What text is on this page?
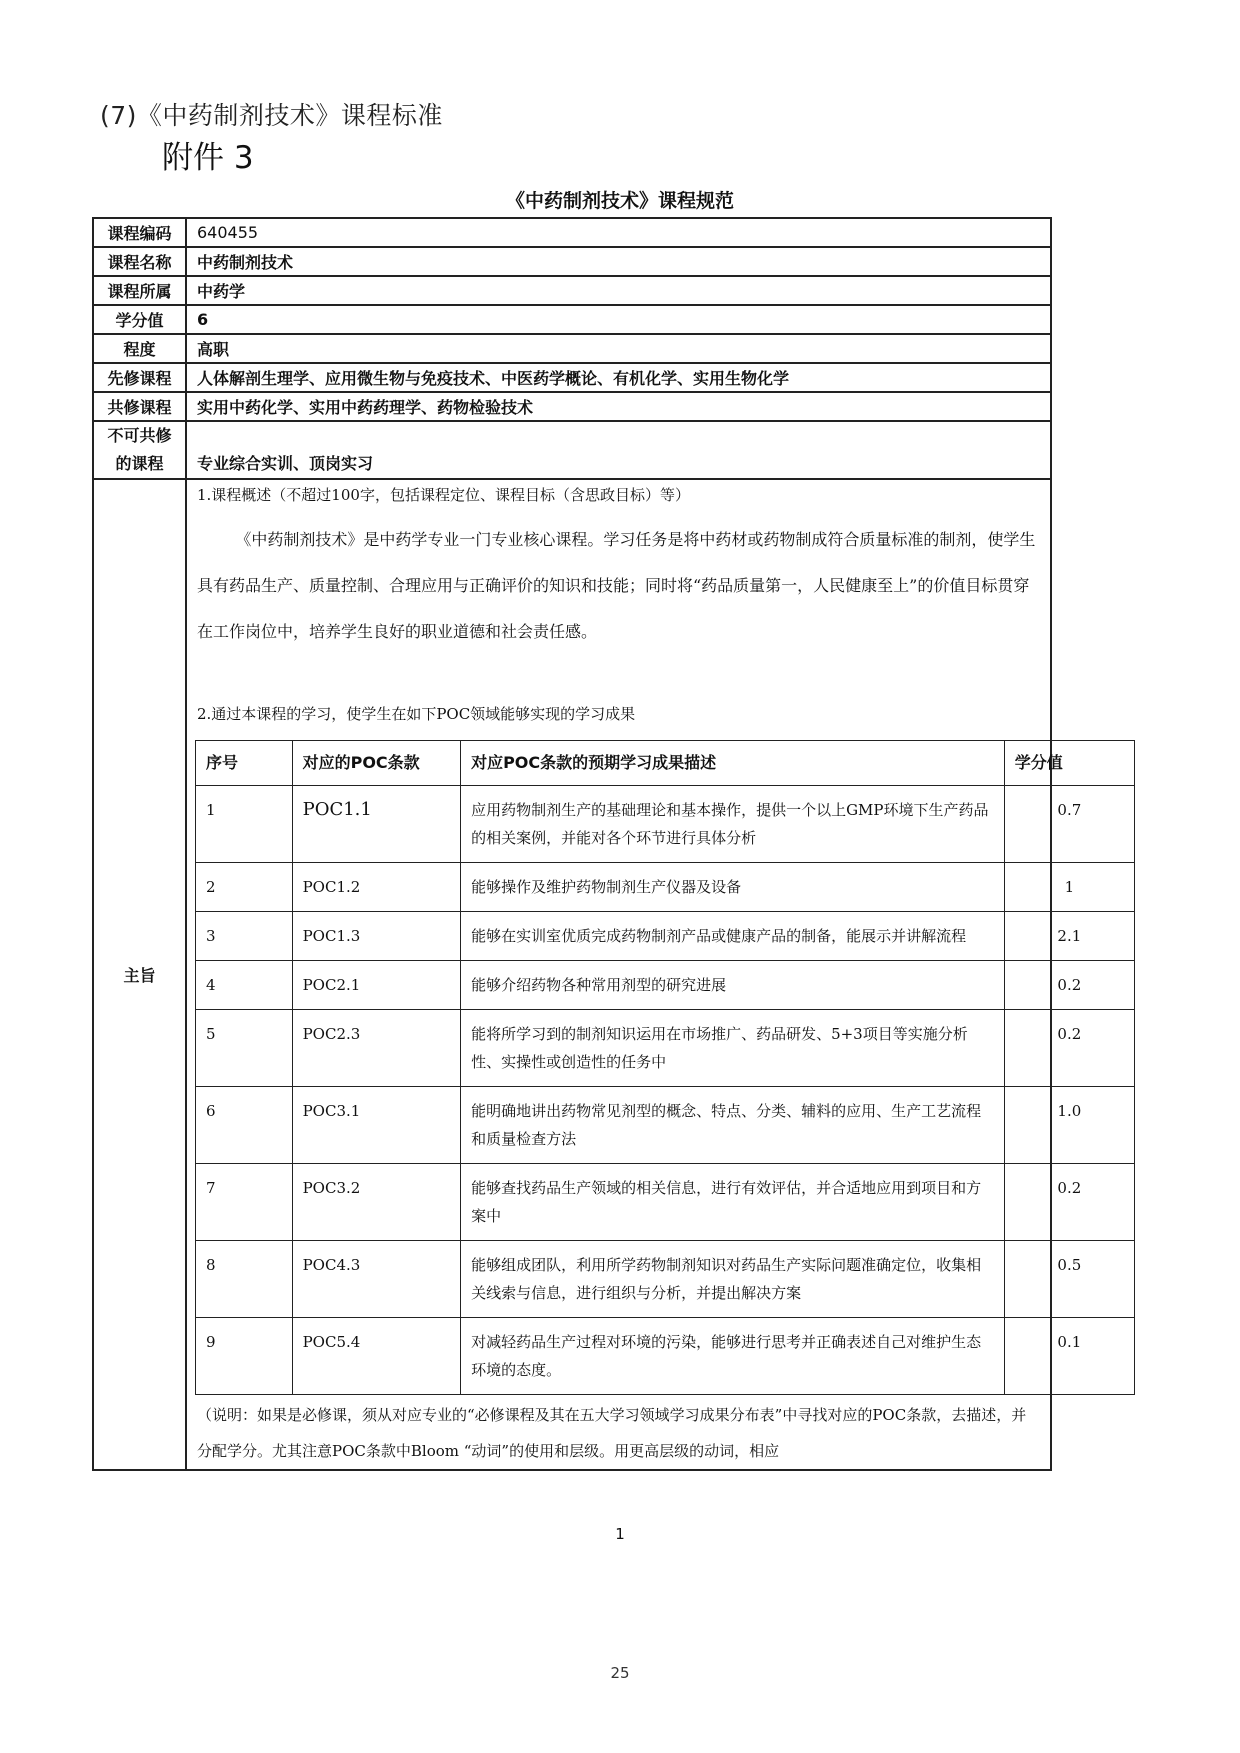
(7)《中药制剂技术》课程标准
附件 3
《中药制剂技术》课程规范
课程编码	640455
课程名称	中药制剂技术
课程所属	中药学
学分值	6
程度	高职
先修课程	人体解剖生理学、应用微生物与免疫技术、中医药学概论、有机化学、实用生物化学
共修课程	实用中药化学、实用中药药理学、药物检验技术

不可共修
的课程	专业综合实训、顶岗实习
主旨	
1.课程概述（不超过100字，包括课程定位、课程目标（含思政目标）等）
《中药制剂技术》是中药学专业一门专业核心课程。学习任务是将中药材或药物制成符合质量标准的制剂，使学生具有药品生产、质量控制、合理应用与正确评价的知识和技能；同时将“药品质量第一，人民健康至上”的价值目标贯穿在工作岗位中，培养学生良好的职业道德和社会责任感。
2.通过本课程的学习，使学生在如下POC领域能够实现的学习成果
序号	对应的POC条款	对应POC条款的预期学习成果描述	学分值
1	POC1.1	应用药物制剂生产的基础理论和基本操作，提供一个以上GMP环境下生产药品的相关案例，并能对各个环节进行具体分析	0.7
2	POC1.2	能够操作及维护药物制剂生产仪器及设备	1
3	POC1.3	能够在实训室优质完成药物制剂产品或健康产品的制备，能展示并讲解流程	2.1
4	POC2.1	能够介绍药物各种常用剂型的研究进展	0.2
5	POC2.3	能将所学习到的制剂知识运用在市场推广、药品研发、5+3项目等实施分析性、实操性或创造性的任务中	0.2
6	POC3.1	能明确地讲出药物常见剂型的概念、特点、分类、辅料的应用、生产工艺流程和质量检查方法	1.0
7	POC3.2	能够查找药品生产领域的相关信息，进行有效评估，并合适地应用到项目和方案中	0.2
8	POC4.3	能够组成团队，利用所学药物制剂知识对药品生产实际问题准确定位，收集相关线索与信息，进行组织与分析，并提出解决方案	0.5
9	POC5.4	对减轻药品生产过程对环境的污染，能够进行思考并正确表述自己对维护生态环境的态度。	0.1
（说明：如果是必修课，须从对应专业的“必修课程及其在五大学习领域学习成果分布表”中寻找对应的POC条款，去描述，并分配学分。尤其注意POC条款中Bloom “动词”的使用和层级。用更高层级的动词，相应
1
25
